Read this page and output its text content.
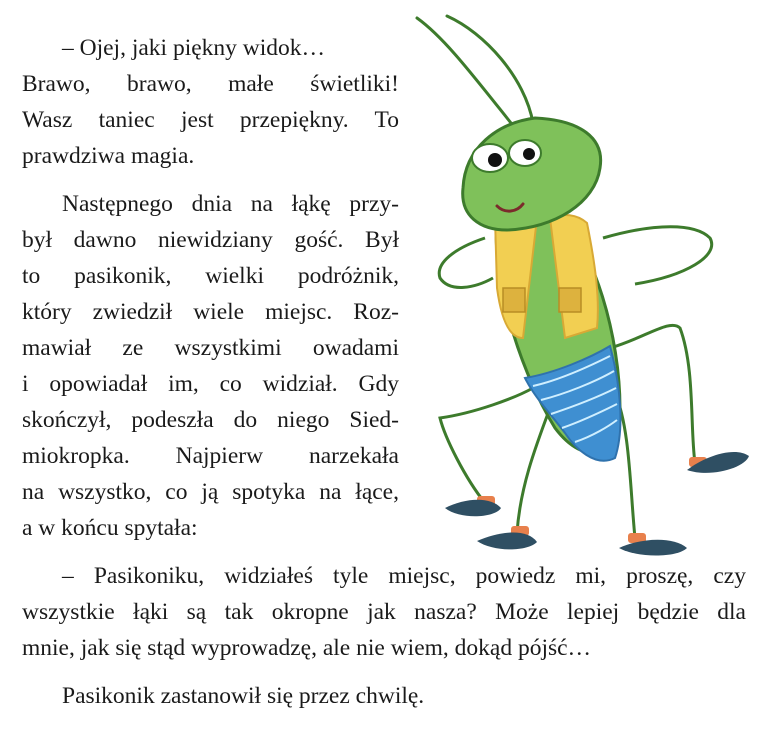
– Ojej, jaki piękny widok…
Brawo, brawo, małe świetliki!
Wasz taniec jest przepiękny. To
prawdziwa magia.
Następnego dnia na łąkę przy-
był dawno niewidziany gość. Był
to pasikonik, wielki podróżnik,
który zwiedził wiele miejsc. Roz-
mawiał ze wszystkimi owadami
i opowiadał im, co widział. Gdy
skończył, podeszła do niego Sied-
miokropka. Najpierw narzekała
na wszystko, co ją spotyka na łące,
a w końcu spytała:
– Pasikoniku, widziałeś tyle miejsc, powiedz mi, proszę, czy
wszystkie łąki są tak okropne jak nasza? Może lepiej będzie dla
mnie, jak się stąd wyprowadzę, ale nie wiem, dokąd pójść…
Pasikonik zastanowił się przez chwilę.
